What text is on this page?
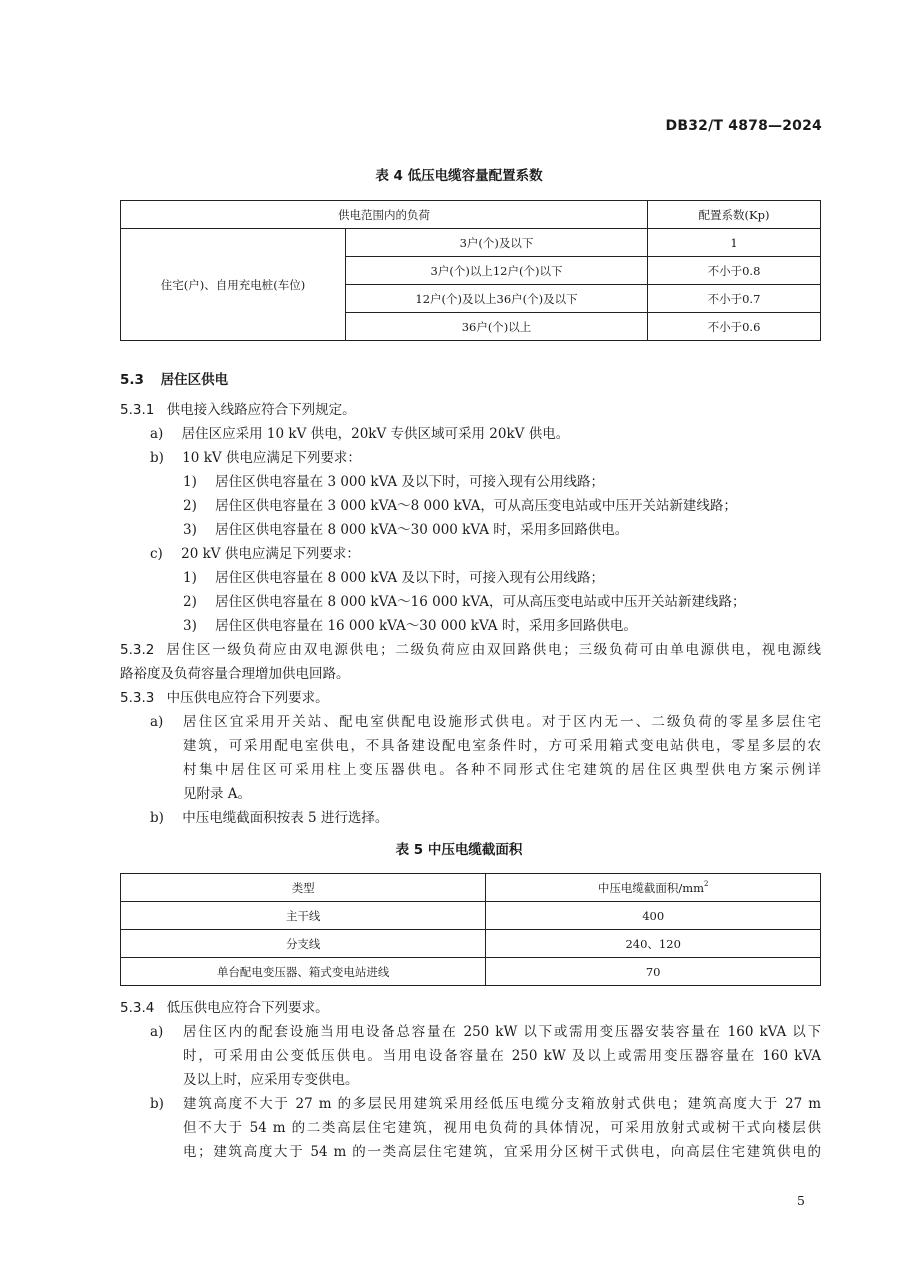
DB32/T 4878—2024
表 4 低压电缆容量配置系数
供电范围内的负荷		配置系数(Kp)
住宅(户)、自用充电桩(车位)	3户(个)及以下	1
	3户(个)以上12户(个)以下	不小于0.8
	12户(个)及以上36户(个)及以下	不小于0.7
	36户(个)以上	不小于0.6
5.3 居住区供电
5.3.1 供电接入线路应符合下列规定。
a) 居住区应采用 10 kV 供电，20kV 专供区域可采用 20kV 供电。
b) 10 kV 供电应满足下列要求：
1) 居住区供电容量在 3 000 kVA 及以下时，可接入现有公用线路；
2) 居住区供电容量在 3 000 kVA～8 000 kVA，可从高压变电站或中压开关站新建线路；
3) 居住区供电容量在 8 000 kVA～30 000 kVA 时，采用多回路供电。
c) 20 kV 供电应满足下列要求：
1) 居住区供电容量在 8 000 kVA 及以下时，可接入现有公用线路；
2) 居住区供电容量在 8 000 kVA～16 000 kVA，可从高压变电站或中压开关站新建线路；
3) 居住区供电容量在 16 000 kVA～30 000 kVA 时，采用多回路供电。
5.3.2 居住区一级负荷应由双电源供电；二级负荷应由双回路供电；三级负荷可由单电源供电，视电源线
路裕度及负荷容量合理增加供电回路。
5.3.3 中压供电应符合下列要求。
a) 居住区宜采用开关站、配电室供配电设施形式供电。对于区内无一、二级负荷的零星多层住宅
建筑，可采用配电室供电，不具备建设配电室条件时，方可采用箱式变电站供电，零星多层的农
村集中居住区可采用柱上变压器供电。各种不同形式住宅建筑的居住区典型供电方案示例详
见附录 A。
b) 中压电缆截面积按表 5 进行选择。
表 5 中压电缆截面积
类型	中压电缆截面积$/mm^2$
主干线	400
分支线	240、120
单台配电变压器、箱式变电站进线	70
5.3.4 低压供电应符合下列要求。
a) 居住区内的配套设施当用电设备总容量在 250 kW 以下或需用变压器安装容量在 160 kVA 以下
时，可采用由公变低压供电。当用电设备容量在 250 kW 及以上或需用变压器容量在 160 kVA
及以上时，应采用专变供电。
b) 建筑高度不大于 27 m 的多层民用建筑采用经低压电缆分支箱放射式供电；建筑高度大于 27 m
但不大于 54 m 的二类高层住宅建筑，视用电负荷的具体情况，可采用放射式或树干式向楼层供
电；建筑高度大于 54 m 的一类高层住宅建筑，宜采用分区树干式供电，向高层住宅建筑供电的
5
